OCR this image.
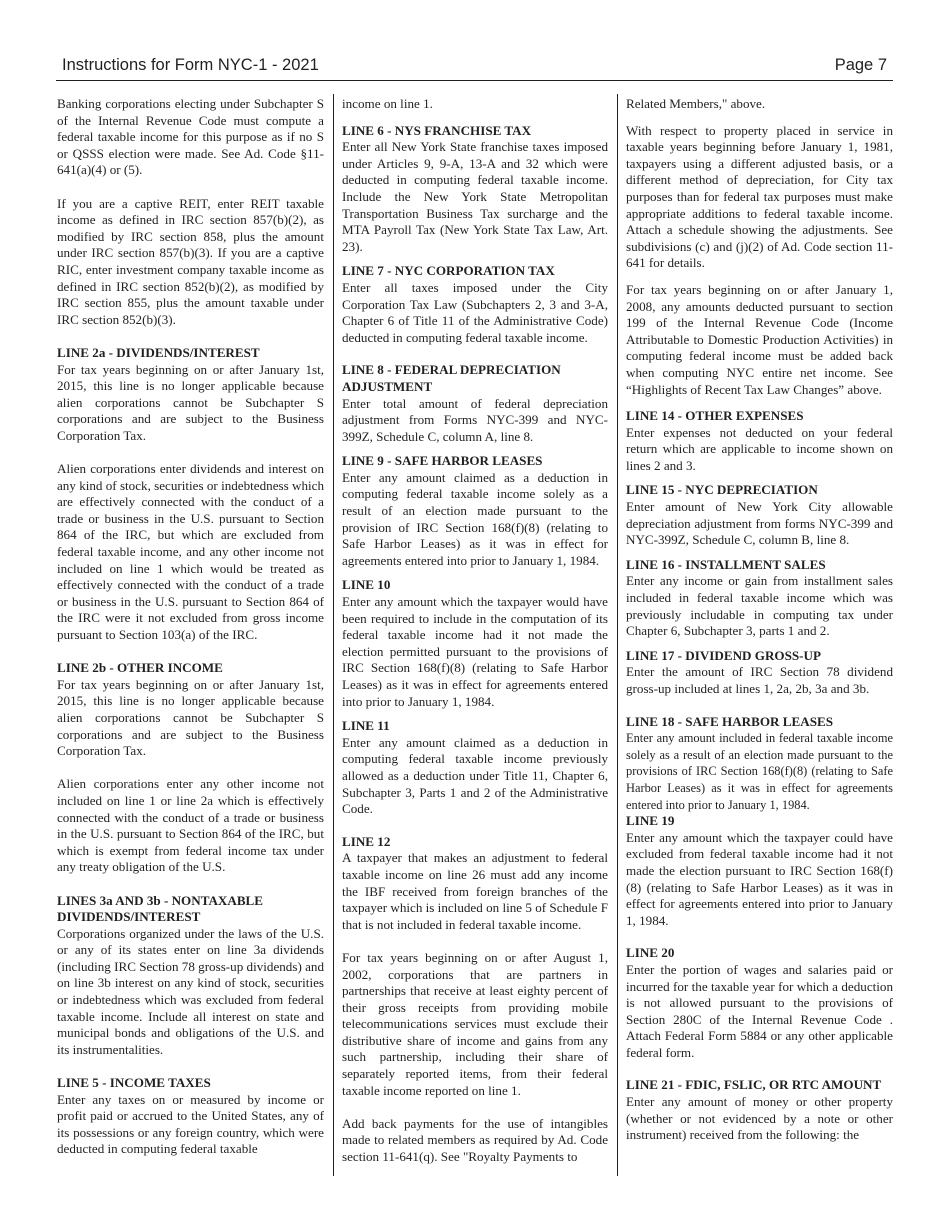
Instructions for Form NYC-1 - 2021	Page 7

Banking corporations electing under Subchapter S of the Internal Revenue Code must compute a federal taxable income for this purpose as if no S or QSSS election were made. See Ad. Code §11-641(a)(4) or (5).

If you are a captive REIT, enter REIT taxable income as defined in IRC section 857(b)(2), as modified by IRC section 858, plus the amount under IRC section 857(b)(3). If you are a captive RIC, enter investment company taxable income as defined in IRC section 852(b)(2), as modified by IRC section 855, plus the amount taxable under IRC section 852(b)(3).

LINE 2a - DIVIDENDS/INTEREST

For tax years beginning on or after January 1st, 2015, this line is no longer applicable because alien corporations cannot be Subchapter S corporations and are subject to the Business Corporation Tax.

Alien corporations enter dividends and interest on any kind of stock, securities or indebtedness which are effectively connected with the conduct of a trade or business in the U.S. pursuant to Section 864 of the IRC, but which are excluded from federal taxable income, and any other income not included on line 1 which would be treated as effectively connected with the conduct of a trade or business in the U.S. pursuant to Section 864 of the IRC were it not excluded from gross income pursuant to Section 103(a) of the IRC.

LINE 2b - OTHER INCOME

For tax years beginning on or after January 1st, 2015, this line is no longer applicable because alien corporations cannot be Subchapter S corporations and are subject to the Business Corporation Tax.

Alien corporations enter any other income not included on line 1 or line 2a which is effectively connected with the conduct of a trade or business in the U.S. pursuant to Section 864 of the IRC, but which is exempt from federal income tax under any treaty obligation of the U.S.

LINES 3a AND 3b - NONTAXABLE DIVIDENDS/INTEREST

Corporations organized under the laws of the U.S. or any of its states enter on line 3a dividends (including IRC Section 78 gross-up dividends) and on line 3b interest on any kind of stock, securities or indebtedness which was excluded from federal taxable income. Include all interest on state and municipal bonds and obligations of the U.S. and its instrumentalities.

LINE 5 - INCOME TAXES

Enter any taxes on or measured by income or profit paid or accrued to the United States, any of its possessions or any foreign country, which were deducted in computing federal taxable

income on line 1.

LINE 6 - NYS FRANCHISE TAX

Enter all New York State franchise taxes imposed under Articles 9, 9-A, 13-A and 32 which were deducted in computing federal taxable income. Include the New York State Metropolitan Transportation Business Tax surcharge and the MTA Payroll Tax (New York State Tax Law, Art. 23).

LINE 7 - NYC CORPORATION TAX

Enter all taxes imposed under the City Corporation Tax Law (Subchapters 2, 3 and 3-A, Chapter 6 of Title 11 of the Administrative Code) deducted in computing federal taxable income.

LINE 8 - FEDERAL DEPRECIATION ADJUSTMENT

Enter total amount of federal depreciation adjustment from Forms NYC-399 and NYC-399Z, Schedule C, column A, line 8.

LINE 9 - SAFE HARBOR LEASES

Enter any amount claimed as a deduction in computing federal taxable income solely as a result of an election made pursuant to the provision of IRC Section 168(f)(8) (relating to Safe Harbor Leases) as it was in effect for agreements entered into prior to January 1, 1984.

LINE 10

Enter any amount which the taxpayer would have been required to include in the computation of its federal taxable income had it not made the election permitted pursuant to the provisions of IRC Section 168(f)(8) (relating to Safe Harbor Leases) as it was in effect for agreements entered into prior to January 1, 1984.

LINE 11

Enter any amount claimed as a deduction in computing federal taxable income previously allowed as a deduction under Title 11, Chapter 6, Subchapter 3, Parts 1 and 2 of the Administrative Code.

LINE 12

A taxpayer that makes an adjustment to federal taxable income on line 26 must add any income the IBF received from foreign branches of the taxpayer which is included on line 5 of Schedule F that is not included in federal taxable income.

For tax years beginning on or after August 1, 2002, corporations that are partners in partnerships that receive at least eighty percent of their gross receipts from providing mobile telecommunications services must exclude their distributive share of income and gains from any such partnership, including their share of separately reported items, from their federal taxable income reported on line 1.

Add back payments for the use of intangibles made to related members as required by Ad. Code section 11-641(q). See "Royalty Payments to

Related Members," above.

With respect to property placed in service in taxable years beginning before January 1, 1981, taxpayers using a different adjusted basis, or a different method of depreciation, for City tax purposes than for federal tax purposes must make appropriate additions to federal taxable income. Attach a schedule showing the adjustments. See subdivisions (c) and (j)(2) of Ad. Code section 11-641 for details.

For tax years beginning on or after January 1, 2008, any amounts deducted pursuant to section 199 of the Internal Revenue Code (Income Attributable to Domestic Production Activities) in computing federal income must be added back when computing NYC entire net income. See “Highlights of Recent Tax Law Changes” above.

LINE 14 - OTHER EXPENSES

Enter expenses not deducted on your federal return which are applicable to income shown on lines 2 and 3.

LINE 15 - NYC DEPRECIATION

Enter amount of New York City allowable depreciation adjustment from forms NYC-399 and NYC-399Z, Schedule C, column B, line 8.

LINE 16 - INSTALLMENT SALES

Enter any income or gain from installment sales included in federal taxable income which was previously includable in computing tax under Chapter 6, Subchapter 3, parts 1 and 2.

LINE 17 - DIVIDEND GROSS-UP

Enter the amount of IRC Section 78 dividend gross-up included at lines 1, 2a, 2b, 3a and 3b.

LINE 18 - SAFE HARBOR LEASES

Enter any amount included in federal taxable income solely as a result of an election made pursuant to the provisions of IRC Section 168(f)(8) (relating to Safe Harbor Leases) as it was in effect for agreements entered into prior to January 1, 1984.

LINE 19

Enter any amount which the taxpayer could have excluded from federal taxable income had it not made the election pursuant to IRC Section 168(f)(8) (relating to Safe Harbor Leases) as it was in effect for agreements entered into prior to January 1, 1984.

LINE 20

Enter the portion of wages and salaries paid or incurred for the taxable year for which a deduction is not allowed pursuant to the provisions of Section 280C of the Internal Revenue Code . Attach Federal Form 5884 or any other applicable federal form.

LINE 21 - FDIC, FSLIC, OR RTC AMOUNT

Enter any amount of money or other property (whether or not evidenced by a note or other instrument) received from the following: the
